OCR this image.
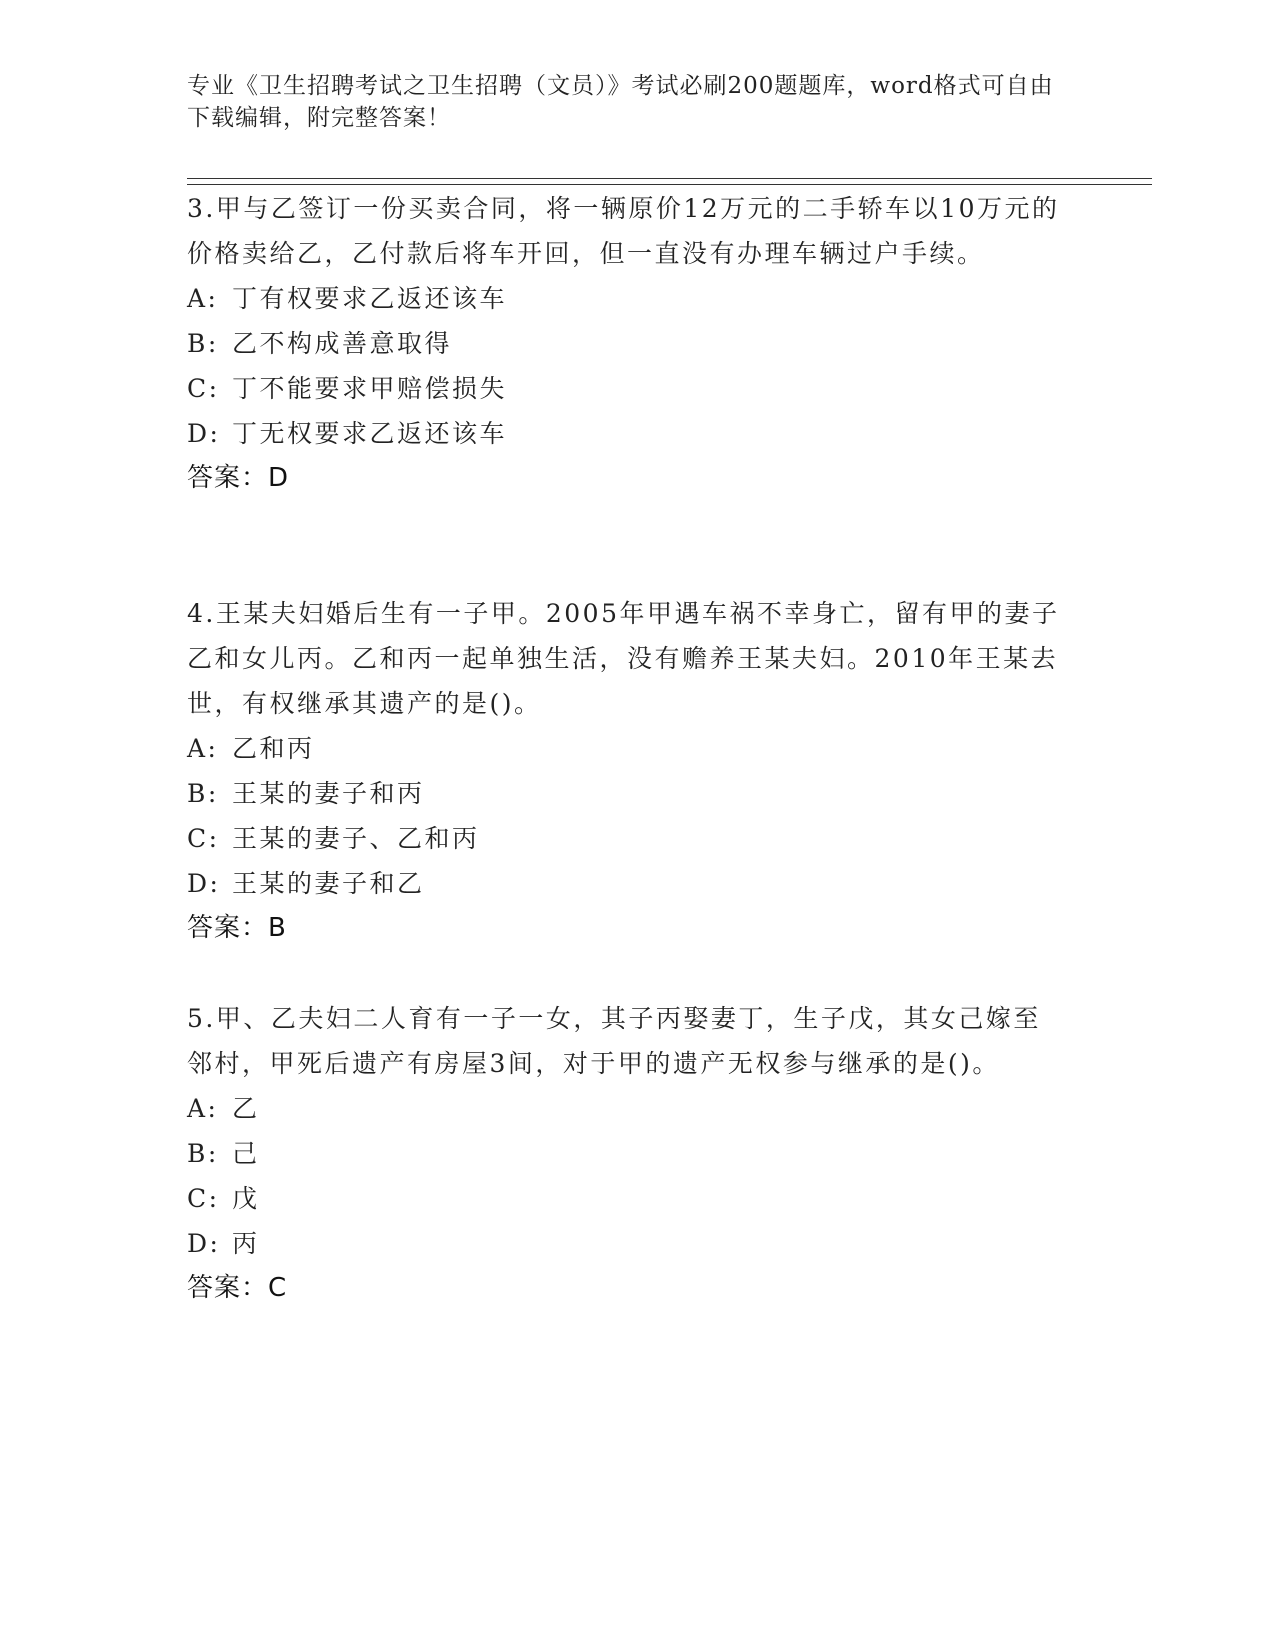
专业《卫生招聘考试之卫生招聘（文员）》考试必刷200题题库，word格式可自由下载编辑，附完整答案！
3.甲与乙签订一份买卖合同，将一辆原价12万元的二手轿车以10万元的价格卖给乙，乙付款后将车开回，但一直没有办理车辆过户手续。
A: 丁有权要求乙返还该车
B: 乙不构成善意取得
C: 丁不能要求甲赔偿损失
D: 丁无权要求乙返还该车
答案：D
4.王某夫妇婚后生有一子甲。2005年甲遇车祸不幸身亡，留有甲的妻子乙和女儿丙。乙和丙一起单独生活，没有赡养王某夫妇。2010年王某去世，有权继承其遗产的是()。
A: 乙和丙
B: 王某的妻子和丙
C: 王某的妻子、乙和丙
D: 王某的妻子和乙
答案：B
5.甲、乙夫妇二人育有一子一女，其子丙娶妻丁，生子戊，其女己嫁至邻村，甲死后遗产有房屋3间，对于甲的遗产无权参与继承的是()。
A: 乙
B: 己
C: 戊
D: 丙
答案：C
